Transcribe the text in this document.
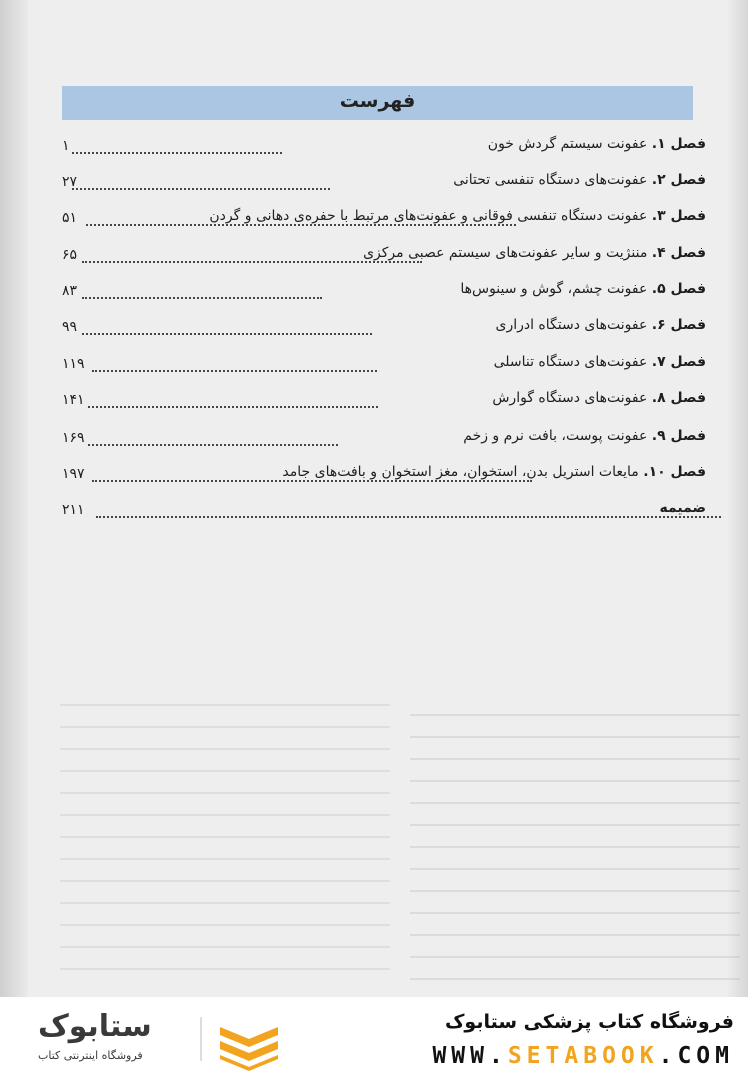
فهرست
فصل ۱. عفونت سیستم گردش خون
۱
فصل ۲. عفونت‌های دستگاه تنفسی تحتانی
۲۷
فصل ۳. عفونت دستگاه تنفسی فوقانی و عفونت‌های مرتبط با حفره‌ی دهانی و گردن
۵۱
فصل ۴. مننژیت و سایر عفونت‌های سیستم عصبی مرکزی
۶۵
فصل ۵. عفونت چشم، گوش و سینوس‌ها
۸۳
فصل ۶. عفونت‌های دستگاه ادراری
۹۹
فصل ۷. عفونت‌های دستگاه تناسلی
۱۱۹
فصل ۸. عفونت‌های دستگاه گوارش
۱۴۱
فصل ۹. عفونت پوست، بافت نرم و زخم
۱۶۹
فصل ۱۰. مایعات استریل بدن، استخوان، مغز استخوان و بافت‌های جامد
۱۹۷
ضمیمه
۲۱۱
فروشگاه کتاب پزشکی ستابوک
WWW.SETABOOK.COM
ستابوک
فروشگاه اینترنتی کتاب
